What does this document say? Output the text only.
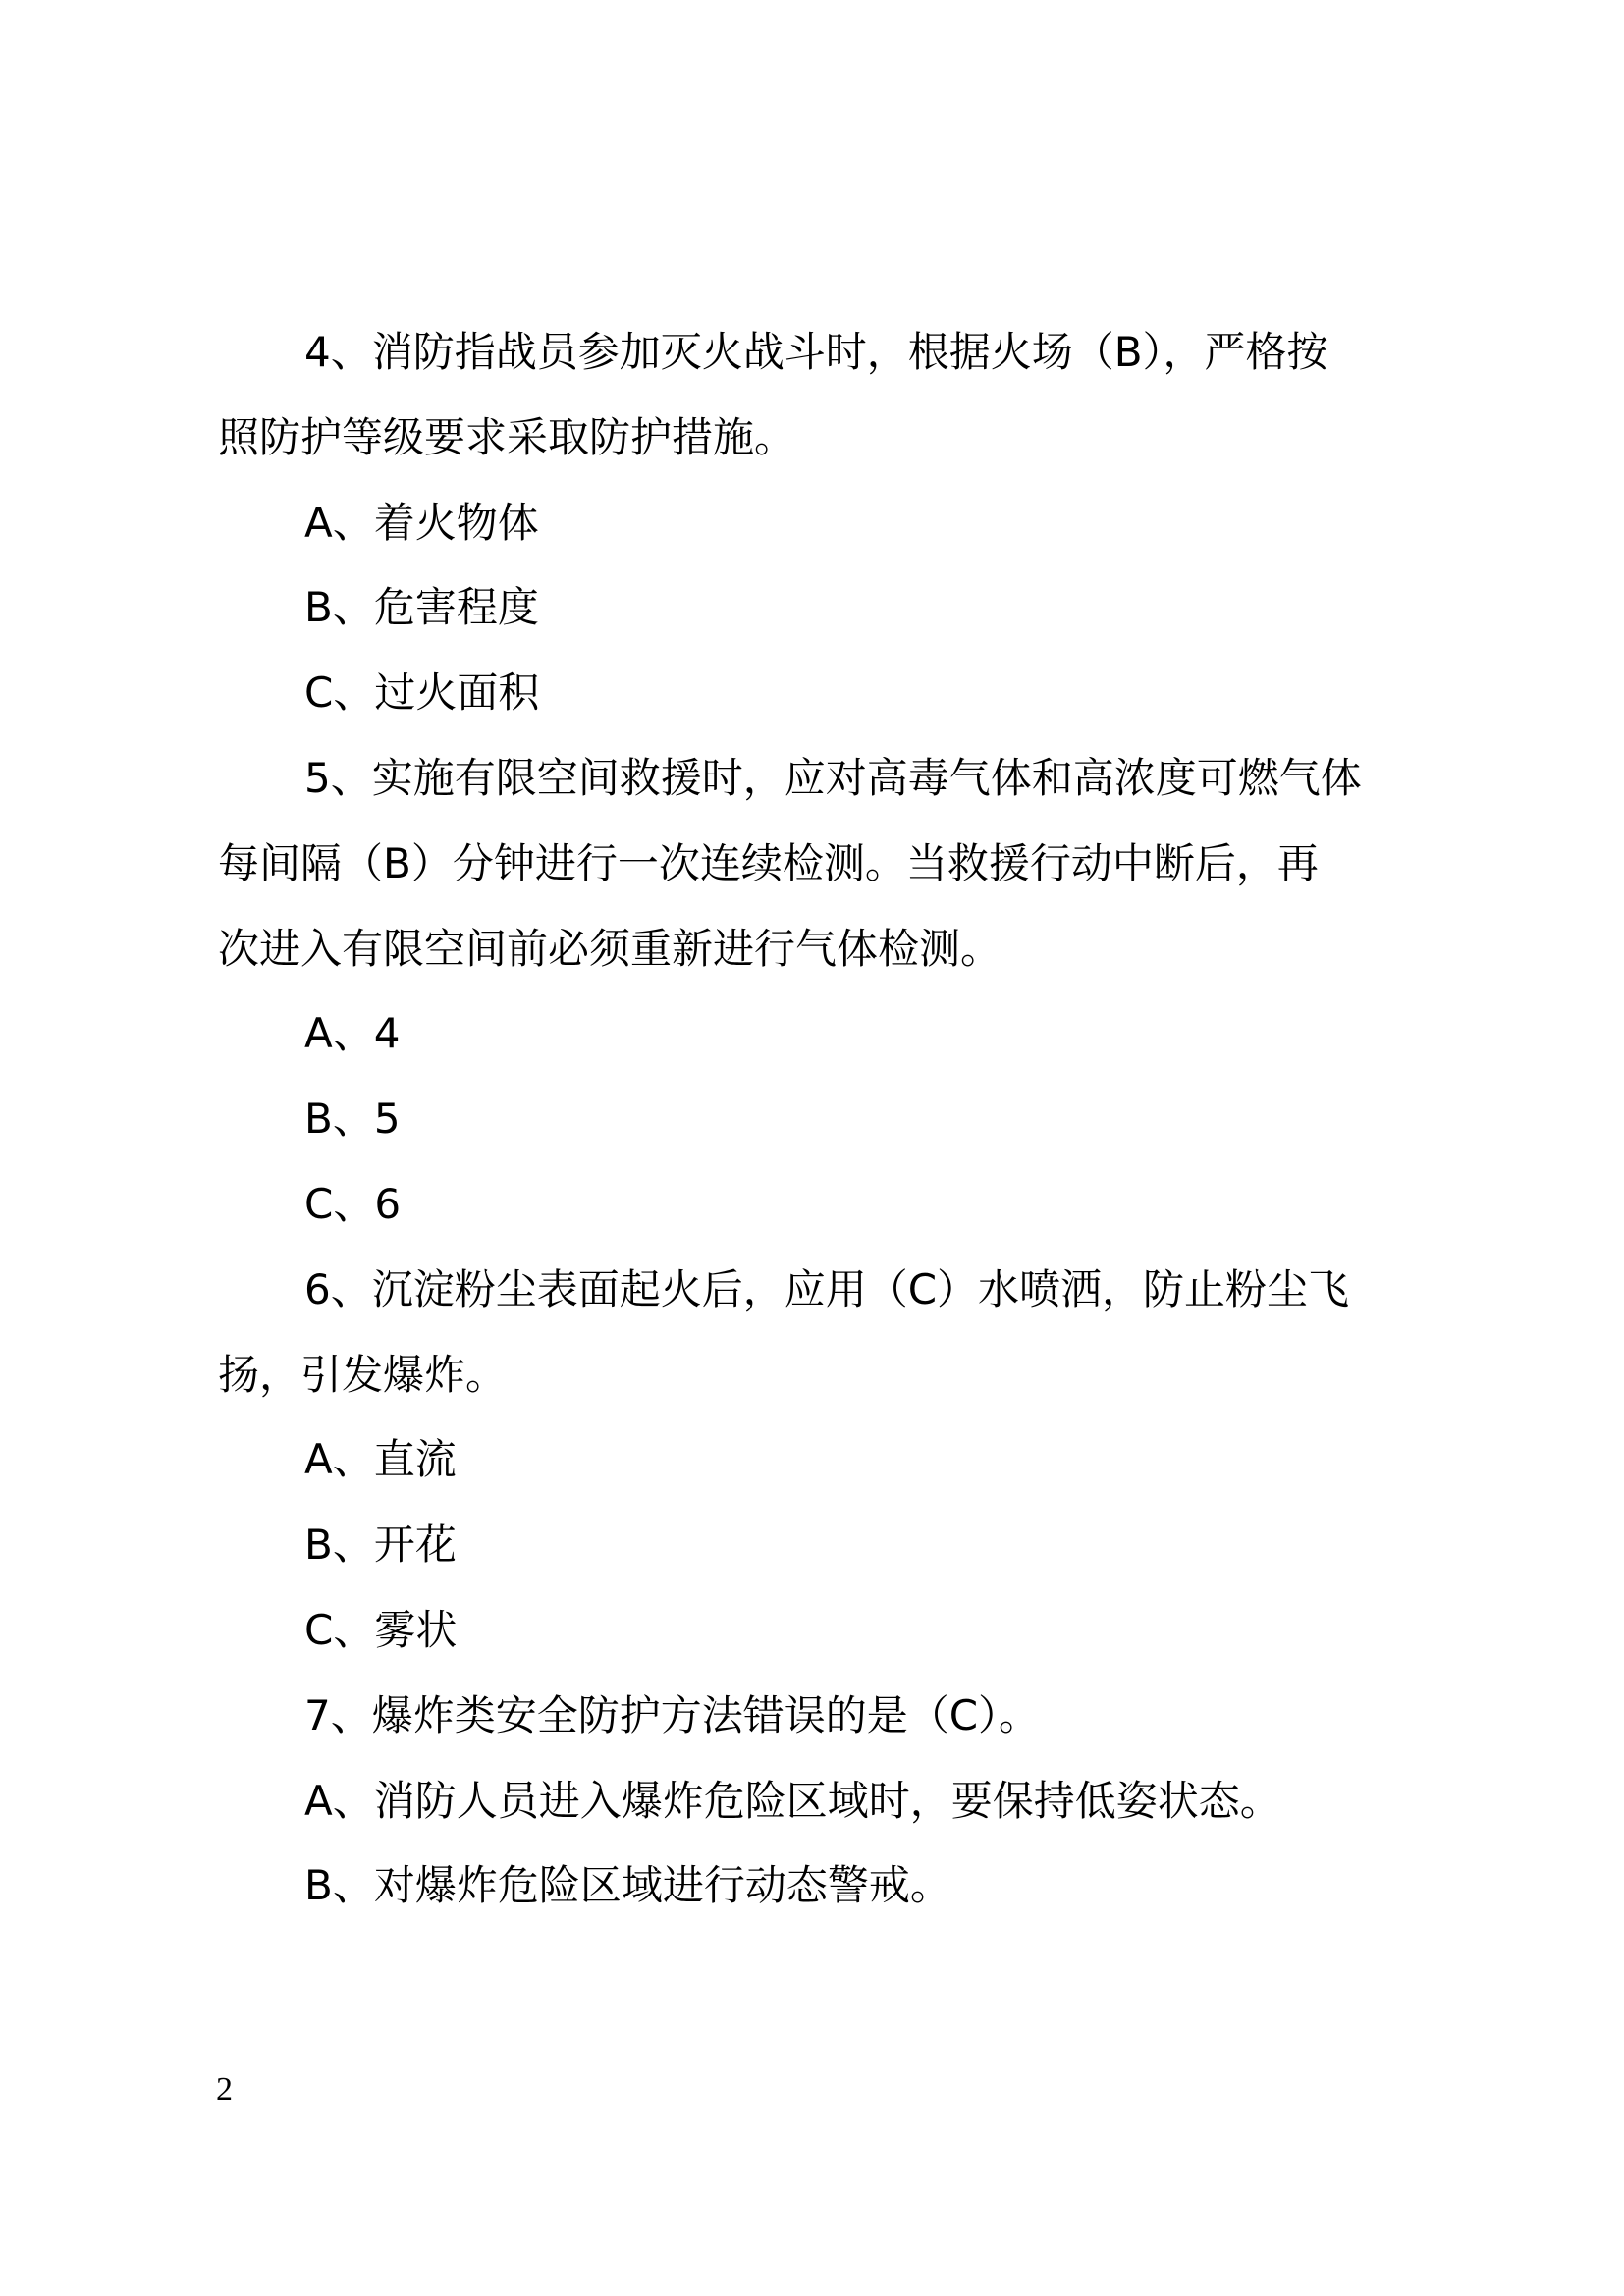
4、消防指战员参加灭火战斗时，根据火场（B），严格按
照防护等级要求采取防护措施。
A、着火物体
B、危害程度
C、过火面积
5、实施有限空间救援时，应对高毒气体和高浓度可燃气体
每间隔（B）分钟进行一次连续检测。当救援行动中断后，再
次进入有限空间前必须重新进行气体检测。
A、4
B、5
C、6
6、沉淀粉尘表面起火后，应用（C）水喷洒，防止粉尘飞
扬，引发爆炸。
A、直流
B、开花
C、雾状
7、爆炸类安全防护方法错误的是（C）。
A、消防人员进入爆炸危险区域时，要保持低姿状态。
B、对爆炸危险区域进行动态警戒。
2
